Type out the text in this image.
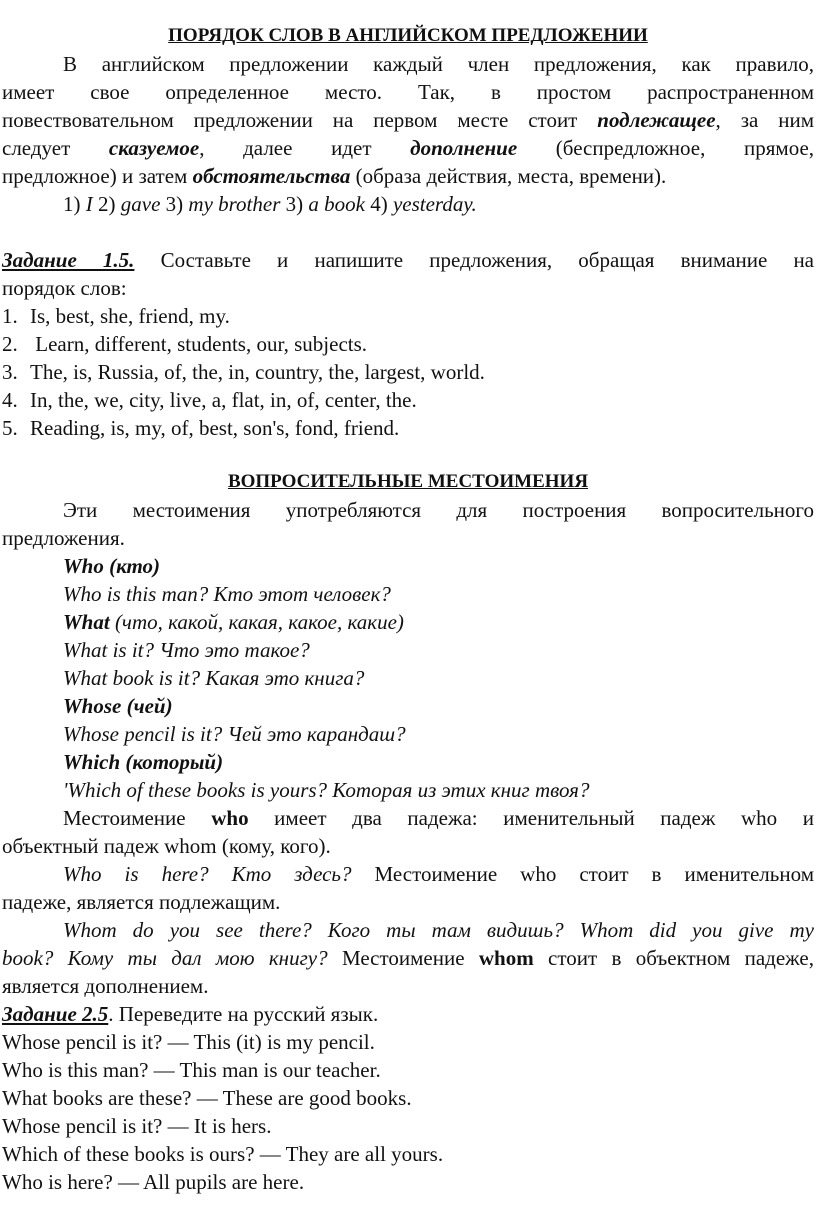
ПОРЯДОК СЛОВ В АНГЛИЙСКОМ ПРЕДЛОЖЕНИИ
В английском предложении каждый член предложения, как правило,
имеет свое определенное место. Так, в простом распространенном
повествовательном предложении на первом месте стоит подлежащее, за ним
следует сказуемое, далее идет дополнение (беспредложное, прямое,
предложное) и затем обстоятельства (образа действия, места, времени).
1) I 2) gave 3) my brother 3) a book 4) yesterday.
Задание 1.5. Составьте и напишите предложения, обращая внимание на
порядок слов:
1. Is, best, she, friend, my.
2. Learn, different, students, our, subjects.
3. The, is, Russia, of, the, in, country, the, largest, world.
4. In, the, we, city, live, a, flat, in, of, center, the.
5. Reading, is, my, of, best, son's, fond, friend.
ВОПРОСИТЕЛЬНЫЕ МЕСТОИМЕНИЯ
Эти местоимения употребляются для построения вопросительного
предложения.
Who (кто)
Who is this man? Кто этот человек?
What (что, какой, какая, какое, какие)
What is it? Что это такое?
What book is it? Какая это книга?
Whose (чей)
Whose pencil is it? Чей это карандаш?
Which (который)
'Which of these books is yours? Которая из этих книг твоя?
Местоимение who имеет два падежа: именительный падеж who и
объектный падеж whom (кому, кого).
Who is here? Кто здесь? Местоимение who стоит в именительном
падеже, является подлежащим.
Whom do you see there? Кого ты там видишь? Whom did you give my
book? Кому ты дал мою книгу? Местоимение whom стоит в объектном падеже,
является дополнением.
Задание 2.5. Переведите на русский язык.
Whose pencil is it? — This (it) is my pencil.
Who is this man? — This man is our teacher.
What books are these? — These are good books.
Whose pencil is it? — It is hers.
Which of these books is ours? — They are all yours.
Who is here? — All pupils are here.
